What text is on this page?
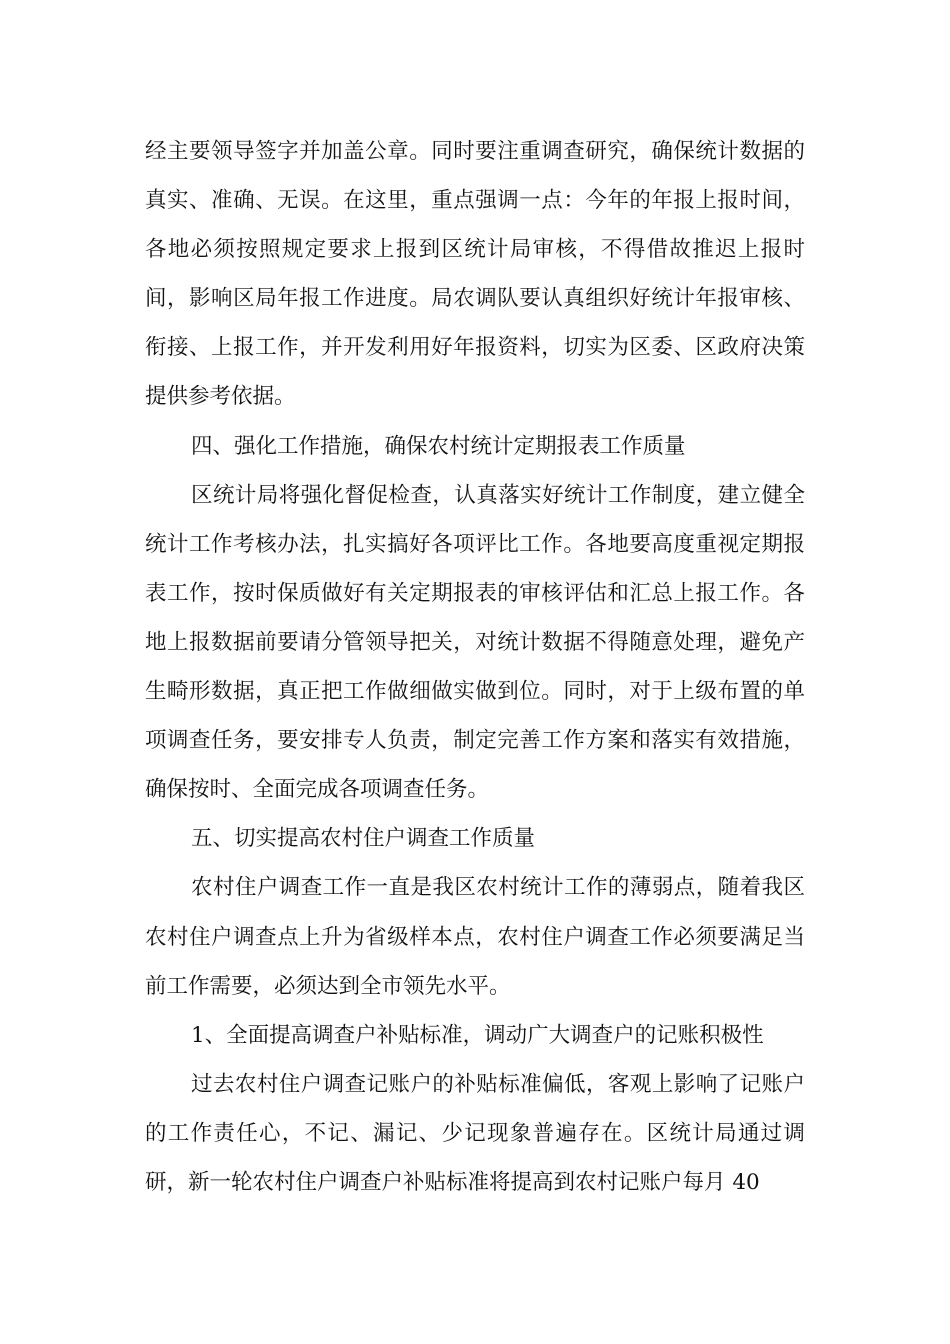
经主要领导签字并加盖公章。同时要注重调查研究，确保统计数据的真实、准确、无误。在这里，重点强调一点：今年的年报上报时间，各地必须按照规定要求上报到区统计局审核，不得借故推迟上报时间，影响区局年报工作进度。局农调队要认真组织好统计年报审核、衔接、上报工作，并开发利用好年报资料，切实为区委、区政府决策提供参考依据。

四、强化工作措施，确保农村统计定期报表工作质量

区统计局将强化督促检查，认真落实好统计工作制度，建立健全统计工作考核办法，扎实搞好各项评比工作。各地要高度重视定期报表工作，按时保质做好有关定期报表的审核评估和汇总上报工作。各地上报数据前要请分管领导把关，对统计数据不得随意处理，避免产生畸形数据，真正把工作做细做实做到位。同时，对于上级布置的单项调查任务，要安排专人负责，制定完善工作方案和落实有效措施，确保按时、全面完成各项调查任务。

五、切实提高农村住户调查工作质量

农村住户调查工作一直是我区农村统计工作的薄弱点，随着我区农村住户调查点上升为省级样本点，农村住户调查工作必须要满足当前工作需要，必须达到全市领先水平。

1、全面提高调查户补贴标准，调动广大调查户的记账积极性

过去农村住户调查记账户的补贴标准偏低，客观上影响了记账户的工作责任心，不记、漏记、少记现象普遍存在。区统计局通过调研，新一轮农村住户调查户补贴标准将提高到农村记账户每月 40
